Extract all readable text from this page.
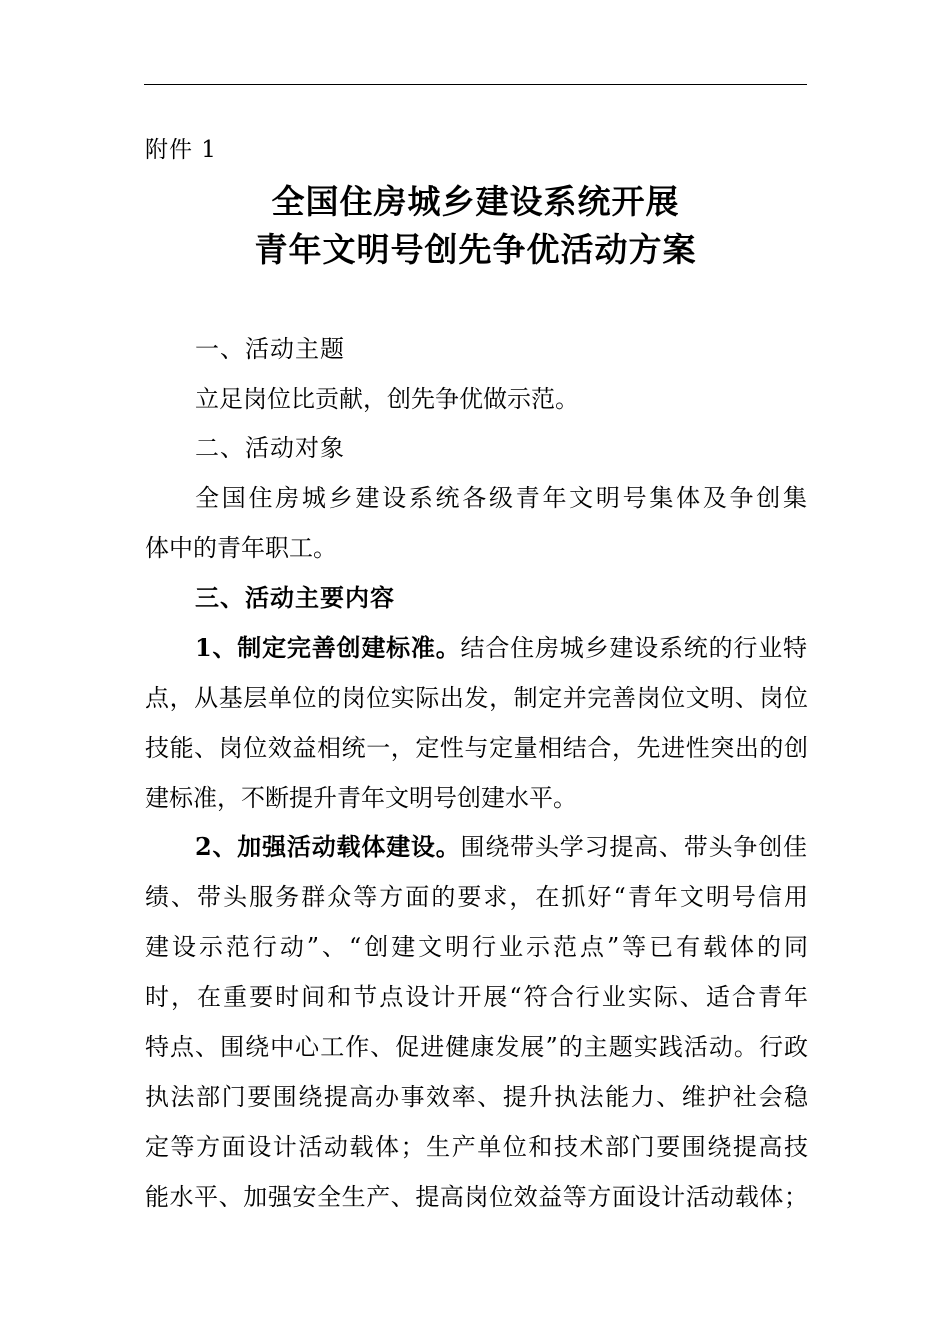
附件 1
全国住房城乡建设系统开展
青年文明号创先争优活动方案
一、活动主题
立足岗位比贡献，创先争优做示范。
二、活动对象
全国住房城乡建设系统各级青年文明号集体及争创集
体中的青年职工。
三、活动主要内容
1、制定完善创建标准。结合住房城乡建设系统的行业特
点，从基层单位的岗位实际出发，制定并完善岗位文明、岗位
技能、岗位效益相统一，定性与定量相结合，先进性突出的创
建标准，不断提升青年文明号创建水平。
2、加强活动载体建设。围绕带头学习提高、带头争创佳
绩、带头服务群众等方面的要求，在抓好“青年文明号信用
建设示范行动”、“创建文明行业示范点”等已有载体的同
时，在重要时间和节点设计开展“符合行业实际、适合青年
特点、围绕中心工作、促进健康发展”的主题实践活动。行政
执法部门要围绕提高办事效率、提升执法能力、维护社会稳
定等方面设计活动载体；生产单位和技术部门要围绕提高技
能水平、加强安全生产、提高岗位效益等方面设计活动载体；
